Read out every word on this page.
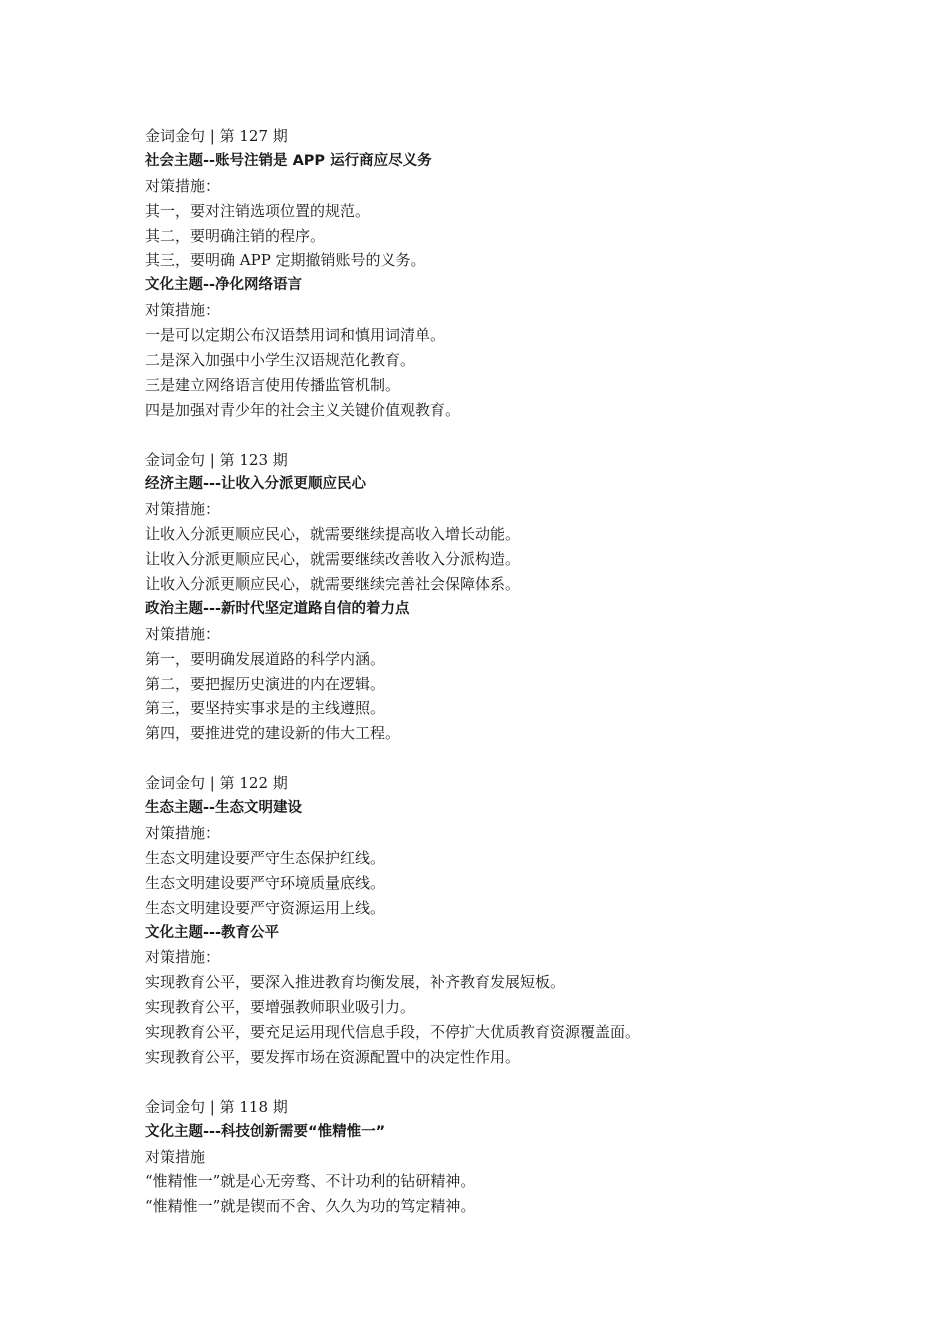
金词金句 | 第 127 期

社会主题--账号注销是 APP 运行商应尽义务

对策措施：

其一，要对注销选项位置的规范。

其二，要明确注销的程序。

其三，要明确 APP 定期撤销账号的义务。

文化主题--净化网络语言

对策措施：

一是可以定期公布汉语禁用词和慎用词清单。

二是深入加强中小学生汉语规范化教育。

三是建立网络语言使用传播监管机制。

四是加强对青少年的社会主义关键价值观教育。

金词金句 | 第 123 期

经济主题---让收入分派更顺应民心

对策措施：

让收入分派更顺应民心，就需要继续提高收入增长动能。

让收入分派更顺应民心，就需要继续改善收入分派构造。

让收入分派更顺应民心，就需要继续完善社会保障体系。

政治主题---新时代坚定道路自信的着力点

对策措施：

第一，要明确发展道路的科学内涵。

第二，要把握历史演进的内在逻辑。

第三，要坚持实事求是的主线遵照。

第四，要推进党的建设新的伟大工程。

金词金句 | 第 122 期

生态主题--生态文明建设

对策措施：

生态文明建设要严守生态保护红线。

生态文明建设要严守环境质量底线。

生态文明建设要严守资源运用上线。

文化主题---教育公平

对策措施：

实现教育公平，要深入推进教育均衡发展，补齐教育发展短板。

实现教育公平，要增强教师职业吸引力。

实现教育公平，要充足运用现代信息手段，不停扩大优质教育资源覆盖面。

实现教育公平，要发挥市场在资源配置中的决定性作用。

金词金句 | 第 118 期

文化主题---科技创新需要“惟精惟一”

对策措施

“惟精惟一”就是心无旁骛、不计功利的钻研精神。

“惟精惟一”就是锲而不舍、久久为功的笃定精神。
